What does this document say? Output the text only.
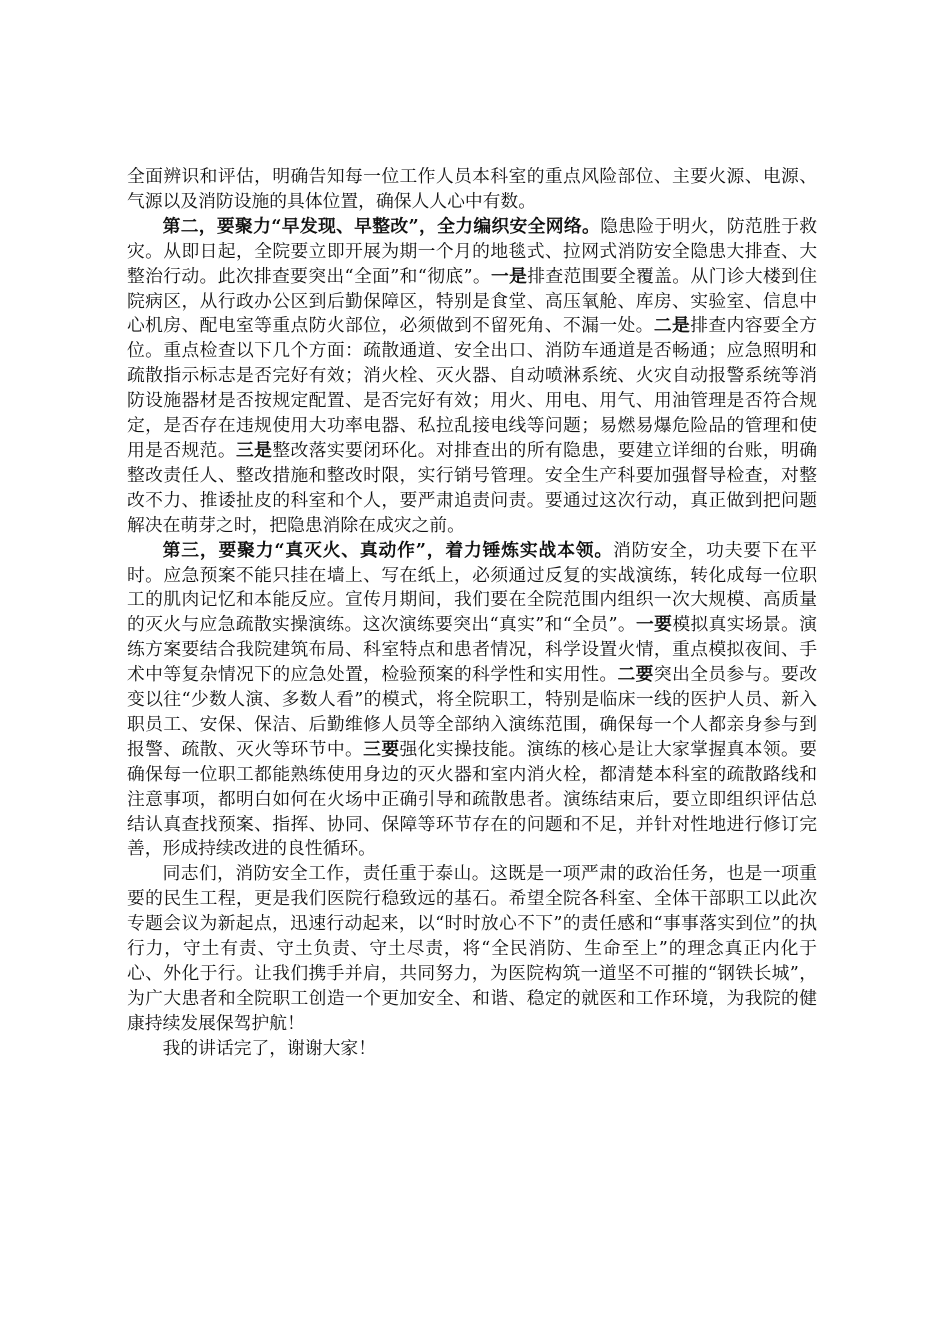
全面辨识和评估，明确告知每一位工作人员本科室的重点风险部位、主要火源、电源、气源以及消防设施的具体位置，确保人人心中有数。

第二，要聚力“早发现、早整改”，全力编织安全网络。隐患险于明火，防范胜于救灾。从即日起，全院要立即开展为期一个月的地毯式、拉网式消防安全隐患大排查、大整治行动。此次排查要突出“全面”和“彻底”。一是排查范围要全覆盖。从门诊大楼到住院病区，从行政办公区到后勤保障区，特别是食堂、高压氧舱、库房、实验室、信息中心机房、配电室等重点防火部位，必须做到不留死角、不漏一处。二是排查内容要全方位。重点检查以下几个方面：疏散通道、安全出口、消防车通道是否畅通；应急照明和疏散指示标志是否完好有效；消火栓、灭火器、自动喷淋系统、火灾自动报警系统等消防设施器材是否按规定配置、是否完好有效；用火、用电、用气、用油管理是否符合规定，是否存在违规使用大功率电器、私拉乱接电线等问题；易燃易爆危险品的管理和使用是否规范。三是整改落实要闭环化。对排查出的所有隐患，要建立详细的台账，明确整改责任人、整改措施和整改时限，实行销号管理。安全生产科要加强督导检查，对整改不力、推诿扯皮的科室和个人，要严肃追责问责。要通过这次行动，真正做到把问题解决在萌芽之时，把隐患消除在成灾之前。

第三，要聚力“真灭火、真动作”，着力锤炼实战本领。消防安全，功夫要下在平时。应急预案不能只挂在墙上、写在纸上，必须通过反复的实战演练，转化成每一位职工的肌肉记忆和本能反应。宣传月期间，我们要在全院范围内组织一次大规模、高质量的灭火与应急疏散实操演练。这次演练要突出“真实”和“全员”。一要模拟真实场景。演练方案要结合我院建筑布局、科室特点和患者情况，科学设置火情，重点模拟夜间、手术中等复杂情况下的应急处置，检验预案的科学性和实用性。二要突出全员参与。要改变以往“少数人演、多数人看”的模式，将全院职工，特别是临床一线的医护人员、新入职员工、安保、保洁、后勤维修人员等全部纳入演练范围，确保每一个人都亲身参与到报警、疏散、灭火等环节中。三要强化实操技能。演练的核心是让大家掌握真本领。要确保每一位职工都能熟练使用身边的灭火器和室内消火栓，都清楚本科室的疏散路线和注意事项，都明白如何在火场中正确引导和疏散患者。演练结束后，要立即组织评估总结认真查找预案、指挥、协同、保障等环节存在的问题和不足，并针对性地进行修订完善，形成持续改进的良性循环。

同志们，消防安全工作，责任重于泰山。这既是一项严肃的政治任务，也是一项重要的民生工程，更是我们医院行稳致远的基石。希望全院各科室、全体干部职工以此次专题会议为新起点，迅速行动起来，以“时时放心不下”的责任感和“事事落实到位”的执行力，守土有责、守土负责、守土尽责，将“全民消防、生命至上”的理念真正内化于心、外化于行。让我们携手并肩，共同努力，为医院构筑一道坚不可摧的“钢铁长城”，为广大患者和全院职工创造一个更加安全、和谐、稳定的就医和工作环境，为我院的健康持续发展保驾护航！

我的讲话完了，谢谢大家！
